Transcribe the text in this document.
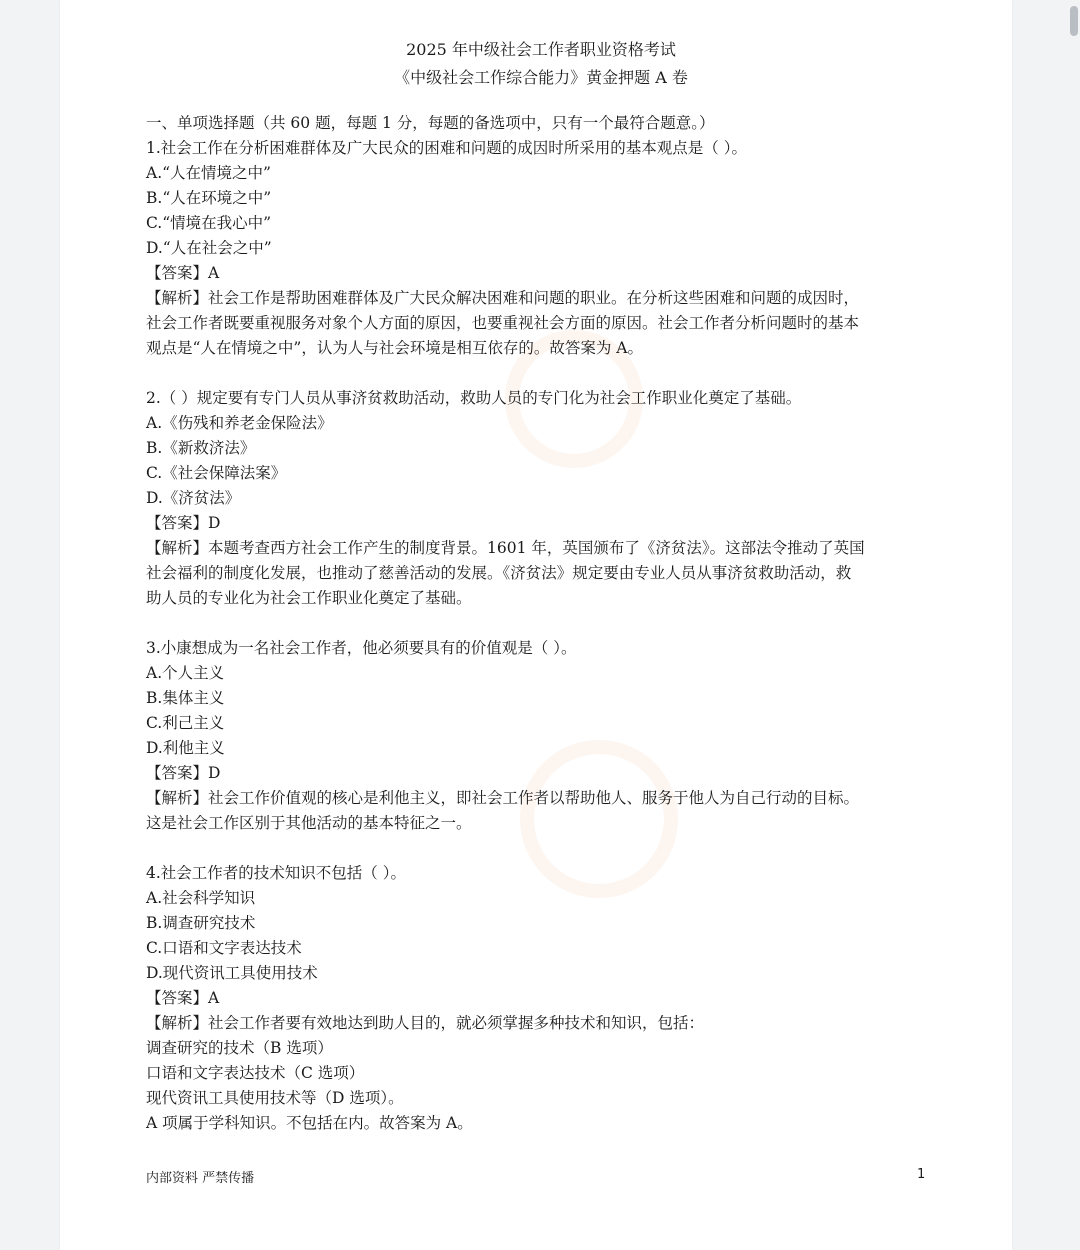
2025 年中级社会工作者职业资格考试
《中级社会工作综合能力》黄金押题 A 卷
一、单项选择题（共 60 题，每题 1 分，每题的备选项中，只有一个最符合题意。）
1.社会工作在分析困难群体及广大民众的困难和问题的成因时所采用的基本观点是（ ）。
A.“人在情境之中”
B.“人在环境之中”
C.“情境在我心中”
D.“人在社会之中”
【答案】A
【解析】社会工作是帮助困难群体及广大民众解决困难和问题的职业。在分析这些困难和问题的成因时，
社会工作者既要重视服务对象个人方面的原因，也要重视社会方面的原因。社会工作者分析问题时的基本
观点是“人在情境之中”，认为人与社会环境是相互依存的。故答案为 A。
2.（ ）规定要有专门人员从事济贫救助活动，救助人员的专门化为社会工作职业化奠定了基础。
A.《伤残和养老金保险法》
B.《新救济法》
C.《社会保障法案》
D.《济贫法》
【答案】D
【解析】本题考查西方社会工作产生的制度背景。1601 年，英国颁布了《济贫法》。这部法令推动了英国
社会福利的制度化发展，也推动了慈善活动的发展。《济贫法》规定要由专业人员从事济贫救助活动，救
助人员的专业化为社会工作职业化奠定了基础。
3.小康想成为一名社会工作者，他必须要具有的价值观是（ ）。
A.个人主义
B.集体主义
C.利己主义
D.利他主义
【答案】D
【解析】社会工作价值观的核心是利他主义，即社会工作者以帮助他人、服务于他人为自己行动的目标。
这是社会工作区别于其他活动的基本特征之一。
4.社会工作者的技术知识不包括（ ）。
A.社会科学知识
B.调查研究技术
C.口语和文字表达技术
D.现代资讯工具使用技术
【答案】A
【解析】社会工作者要有效地达到助人目的，就必须掌握多种技术和知识，包括：
调查研究的技术（B 选项）
口语和文字表达技术（C 选项）
现代资讯工具使用技术等（D 选项）。
A 项属于学科知识。不包括在内。故答案为 A。
内部资料 严禁传播	1
